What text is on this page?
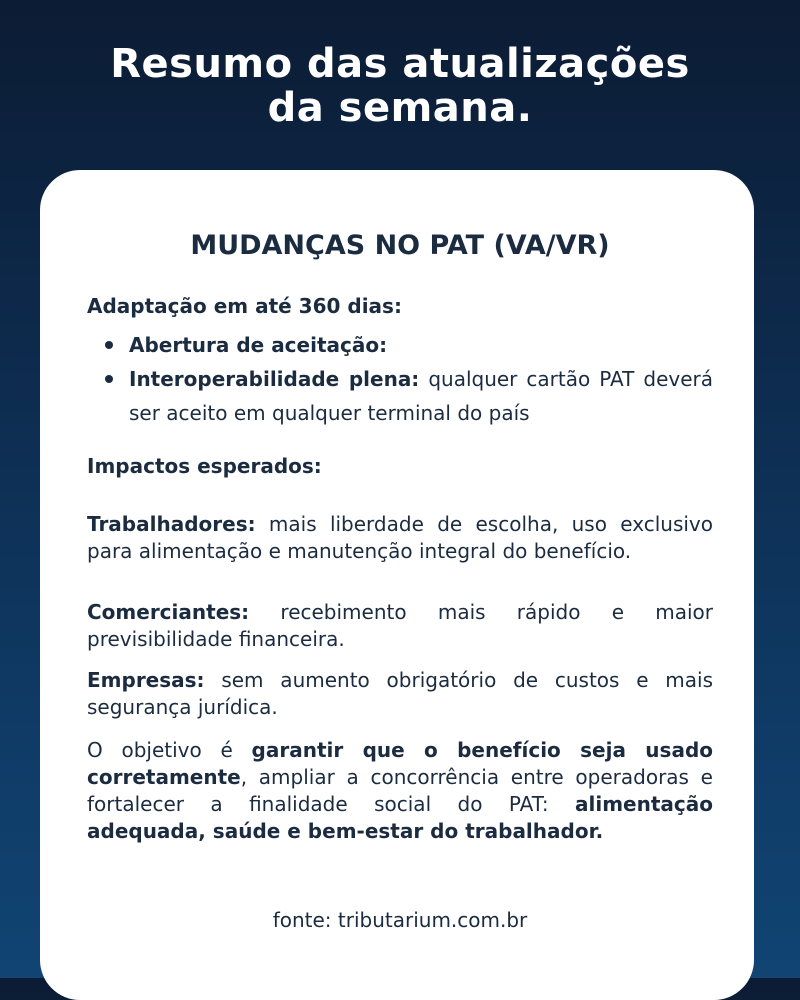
Resumo das atualizações
da semana.
MUDANÇAS NO PAT (VA/VR)
Adaptação em até 360 dias:
Abertura de aceitação:
Interoperabilidade plena: qualquer cartão PAT deverá ser aceito em qualquer terminal do país
Impactos esperados:
Trabalhadores: mais liberdade de escolha, uso exclusivo para alimentação e manutenção integral do benefício.
Comerciantes: recebimento mais rápido e maior previsibilidade financeira.
Empresas: sem aumento obrigatório de custos e mais segurança jurídica.
O objetivo é garantir que o benefício seja usado corretamente, ampliar a concorrência entre operadoras e fortalecer a finalidade social do PAT: alimentação adequada, saúde e bem-estar do trabalhador.
fonte: tributarium.com.br
